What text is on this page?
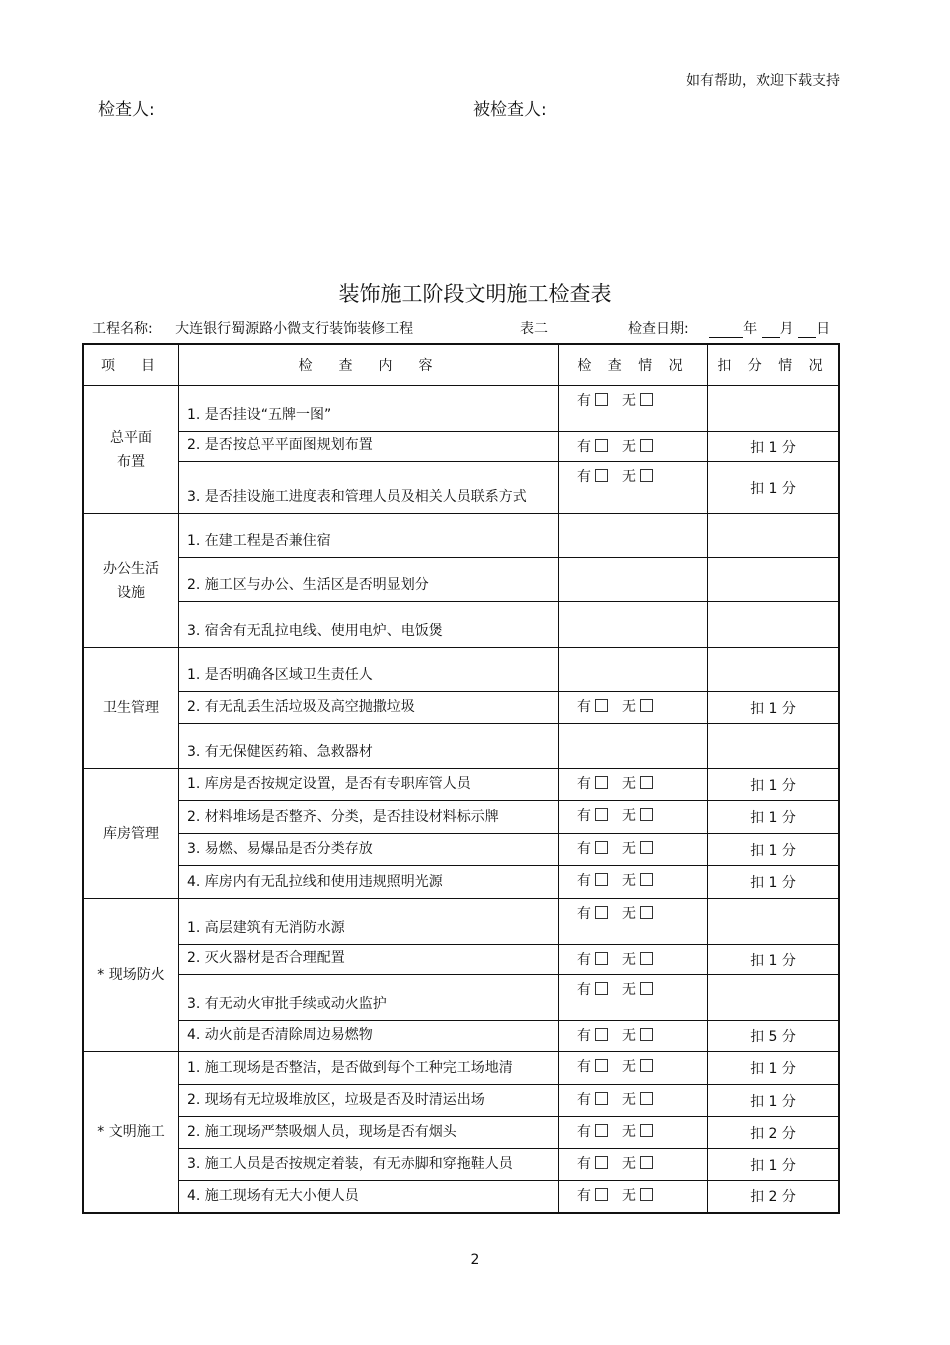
如有帮助，欢迎下载支持
检查人:	被检查人:
装饰施工阶段文明施工检查表
工程名称: 大连银行蜀源路小微支行装饰装修工程	表二	检查日期:	年 月 日
项　目	检　查　内　容	检 查 情 况	扣 分 情 况
总平面
布置	1. 是否挂设“五牌一图”	有 无	
	2. 是否按总平平面图规划布置	有 无	扣 1 分
	3. 是否挂设施工进度表和管理人员及相关人员联系方式	有 无	扣 1 分
办公生活
设施	1. 在建工程是否兼住宿		
	2. 施工区与办公、生活区是否明显划分		
	3. 宿舍有无乱拉电线、使用电炉、电饭煲		
卫生管理	1. 是否明确各区域卫生责任人		
	2. 有无乱丢生活垃圾及高空抛撒垃圾	有 无	扣 1 分
	3. 有无保健医药箱、急救器材		
库房管理	1. 库房是否按规定设置，是否有专职库管人员	有 无	扣 1 分
	2. 材料堆场是否整齐、分类，是否挂设材料标示牌	有 无	扣 1 分
	3. 易燃、易爆品是否分类存放	有 无	扣 1 分
	4. 库房内有无乱拉线和使用违规照明光源	有 无	扣 1 分
* 现场防火	1. 高层建筑有无消防水源	有 无	
	2. 灭火器材是否合理配置	有 无	扣 1 分
	3. 有无动火审批手续或动火监护	有 无	
	4. 动火前是否清除周边易燃物	有 无	扣 5 分
* 文明施工	1. 施工现场是否整洁，是否做到每个工种完工场地清	有 无	扣 1 分
	2. 现场有无垃圾堆放区，垃圾是否及时清运出场	有 无	扣 1 分
	2. 施工现场严禁吸烟人员，现场是否有烟头	有 无	扣 2 分
	3. 施工人员是否按规定着装，有无赤脚和穿拖鞋人员	有 无	扣 1 分
	4. 施工现场有无大小便人员	有 无	扣 2 分
2
